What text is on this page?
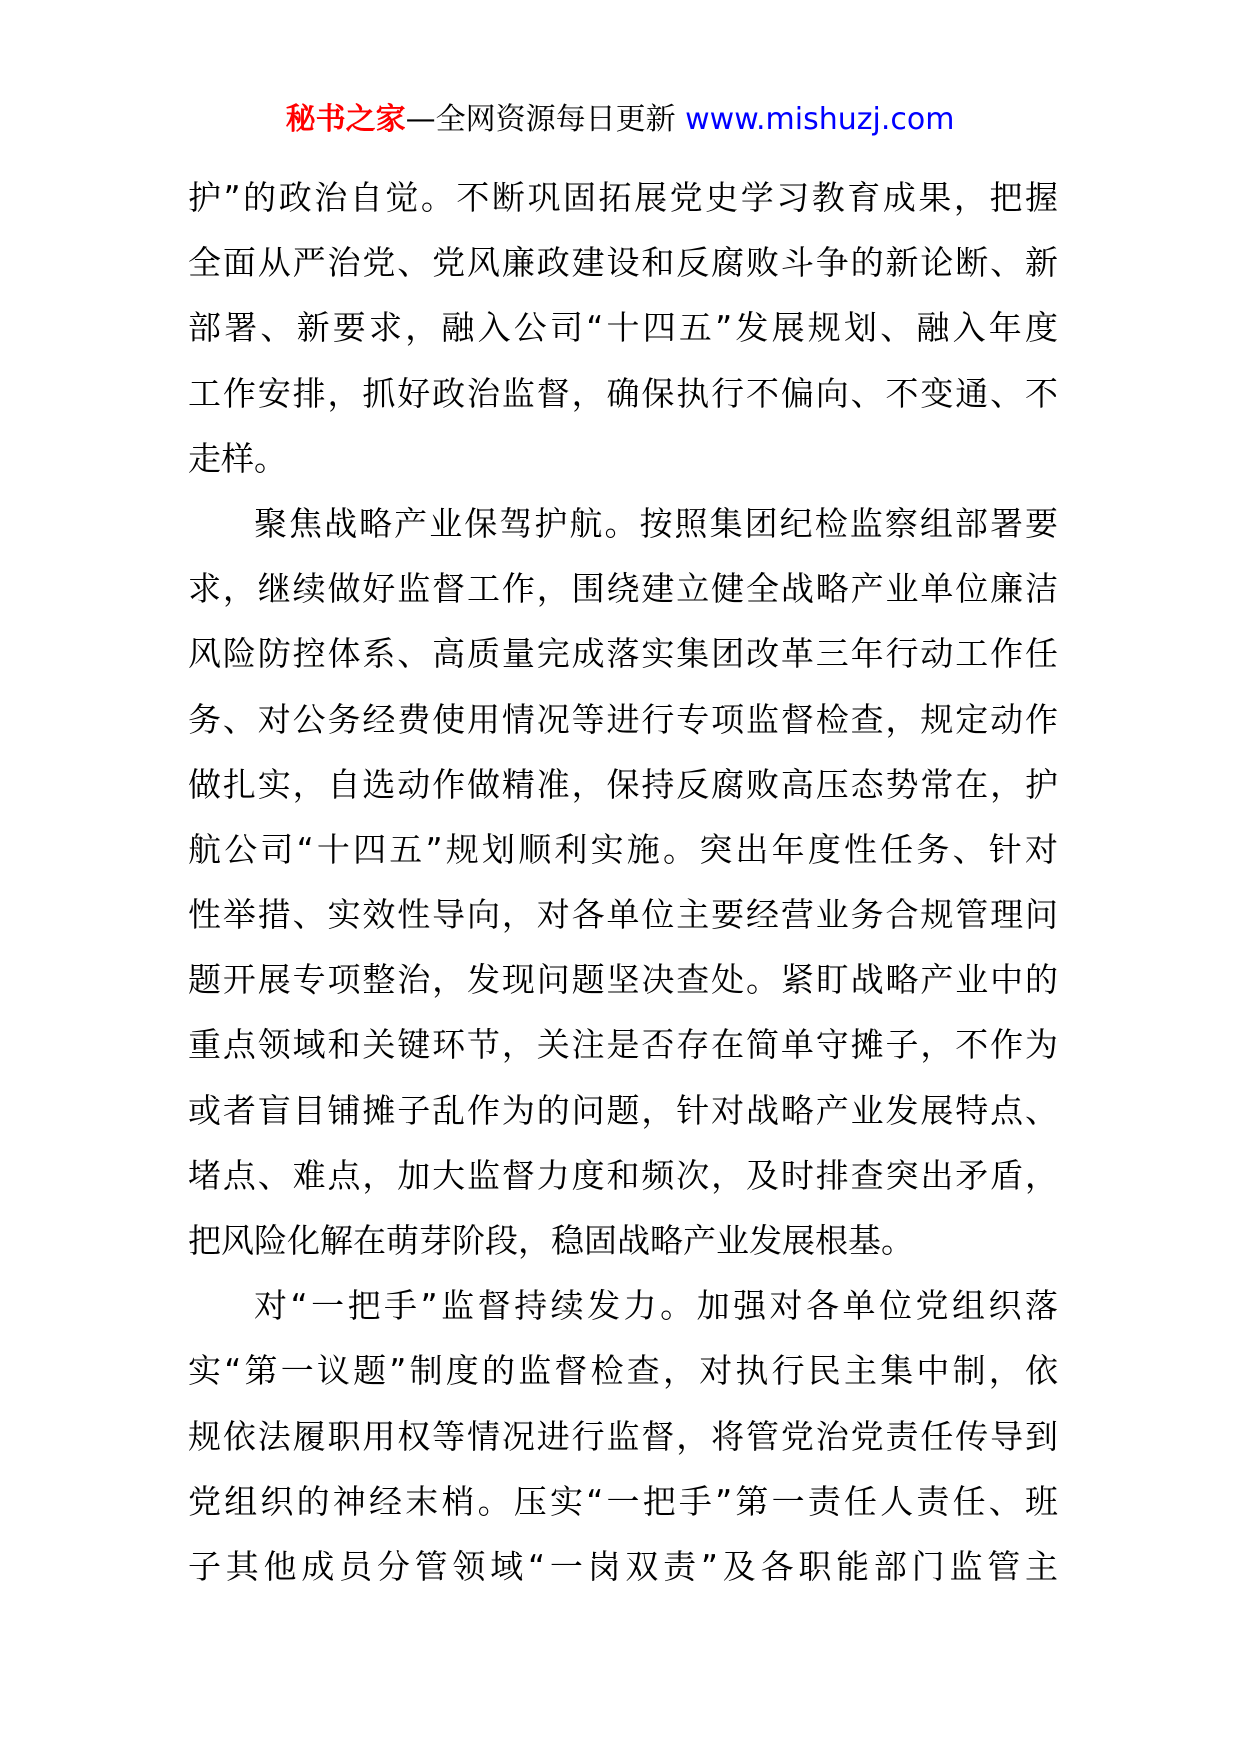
秘书之家—全网资源每日更新 www.mishuzj.com
护”的政治自觉。不断巩固拓展党史学习教育成果，把握
全面从严治党、党风廉政建设和反腐败斗争的新论断、新
部署、新要求，融入公司“十四五”发展规划、融入年度
工作安排，抓好政治监督，确保执行不偏向、不变通、不
走样。
聚焦战略产业保驾护航。按照集团纪检监察组部署要
求，继续做好监督工作，围绕建立健全战略产业单位廉洁
风险防控体系、高质量完成落实集团改革三年行动工作任
务、对公务经费使用情况等进行专项监督检查，规定动作
做扎实，自选动作做精准，保持反腐败高压态势常在，护
航公司“十四五”规划顺利实施。突出年度性任务、针对
性举措、实效性导向，对各单位主要经营业务合规管理问
题开展专项整治，发现问题坚决查处。紧盯战略产业中的
重点领域和关键环节，关注是否存在简单守摊子，不作为
或者盲目铺摊子乱作为的问题，针对战略产业发展特点、
堵点、难点，加大监督力度和频次，及时排查突出矛盾，
把风险化解在萌芽阶段，稳固战略产业发展根基。
对“一把手”监督持续发力。加强对各单位党组织落
实“第一议题”制度的监督检查，对执行民主集中制，依
规依法履职用权等情况进行监督，将管党治党责任传导到
党组织的神经末梢。压实“一把手”第一责任人责任、班
子其他成员分管领域“一岗双责”及各职能部门监管主
